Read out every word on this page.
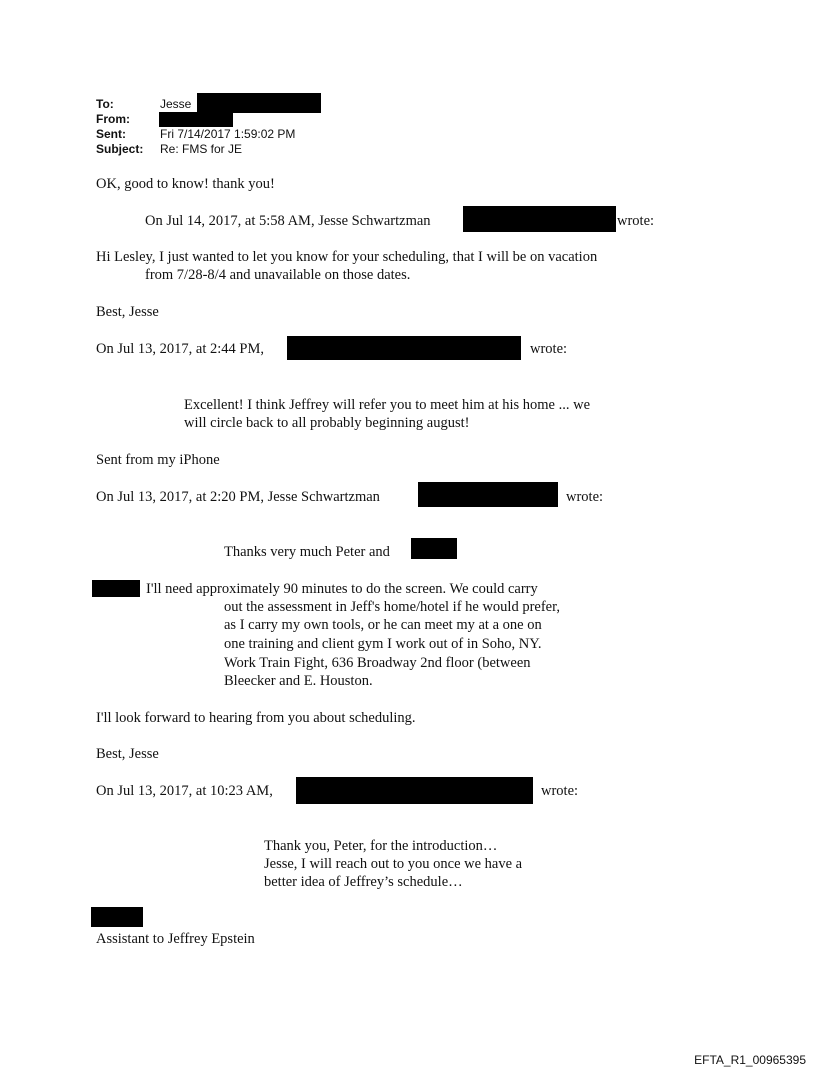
To:	Jesse
From:
Sent:	Fri 7/14/2017 1:59:02 PM
Subject: Re: FMS for JE
OK, good to know! thank you!
On Jul 14, 2017, at 5:58 AM, Jesse Schwartzman	wrote:
Hi Lesley, I just wanted to let you know for your scheduling, that I will be on vacation
from 7/28-8/4 and unavailable on those dates.
Best, Jesse
On Jul 13, 2017, at 2:44 PM,	wrote:
Excellent! I think Jeffrey will refer you to meet him at his home ... we
will circle back to all probably beginning august!
Sent from my iPhone
On Jul 13, 2017, at 2:20 PM, Jesse Schwartzman	wrote:
Thanks very much Peter and
I'll need approximately 90 minutes to do the screen. We could carry
out the assessment in Jeff's home/hotel if he would prefer,
as I carry my own tools, or he can meet my at a one on
one training and client gym I work out of in Soho, NY.
Work Train Fight, 636 Broadway 2nd floor (between
Bleecker and E. Houston.
I'll look forward to hearing from you about scheduling.
Best, Jesse
On Jul 13, 2017, at 10:23 AM,	wrote:
Thank you, Peter, for the introduction…
Jesse, I will reach out to you once we have a
better idea of Jeffrey’s schedule…
Assistant to Jeffrey Epstein
EFTA_R1_00965395
